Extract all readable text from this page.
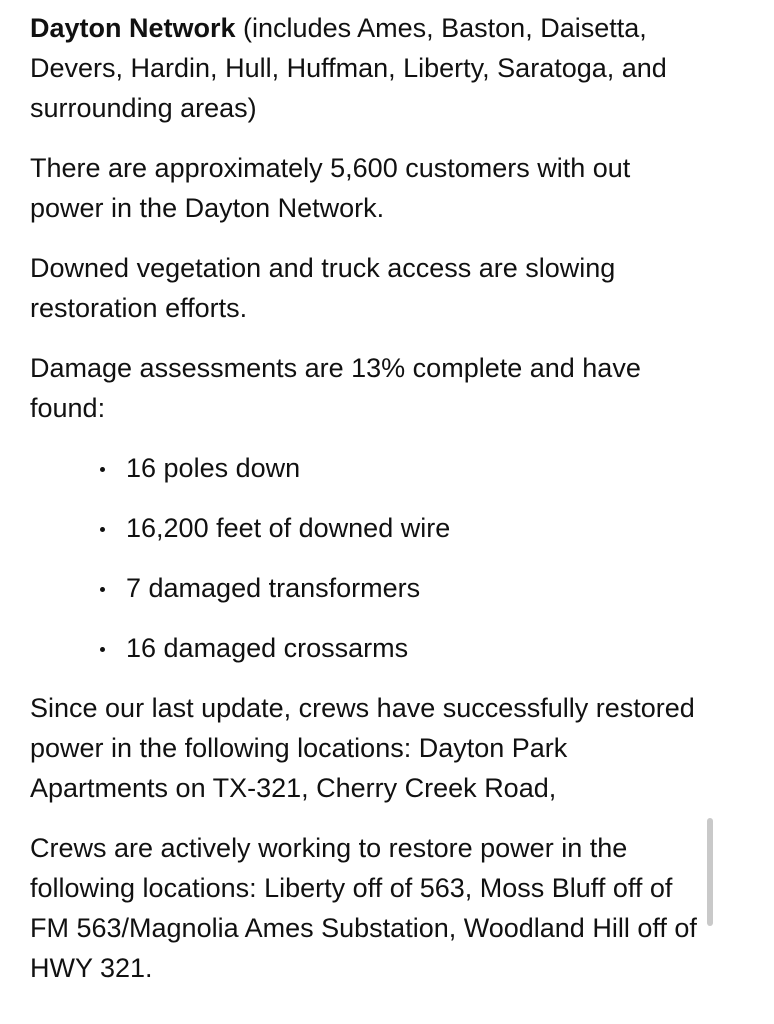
Dayton Network (includes Ames, Baston, Daisetta, Devers, Hardin, Hull, Huffman, Liberty, Saratoga, and surrounding areas)

There are approximately 5,600 customers with out power in the Dayton Network.

Downed vegetation and truck access are slowing restoration efforts.

Damage assessments are 13% complete and have found:

16 poles down
16,200 feet of downed wire
7 damaged transformers
16 damaged crossarms

Since our last update, crews have successfully restored power in the following locations: Dayton Park Apartments on TX-321, Cherry Creek Road,

Crews are actively working to restore power in the following locations: Liberty off of 563, Moss Bluff off of FM 563/Magnolia Ames Substation, Woodland Hill off of HWY 321.
